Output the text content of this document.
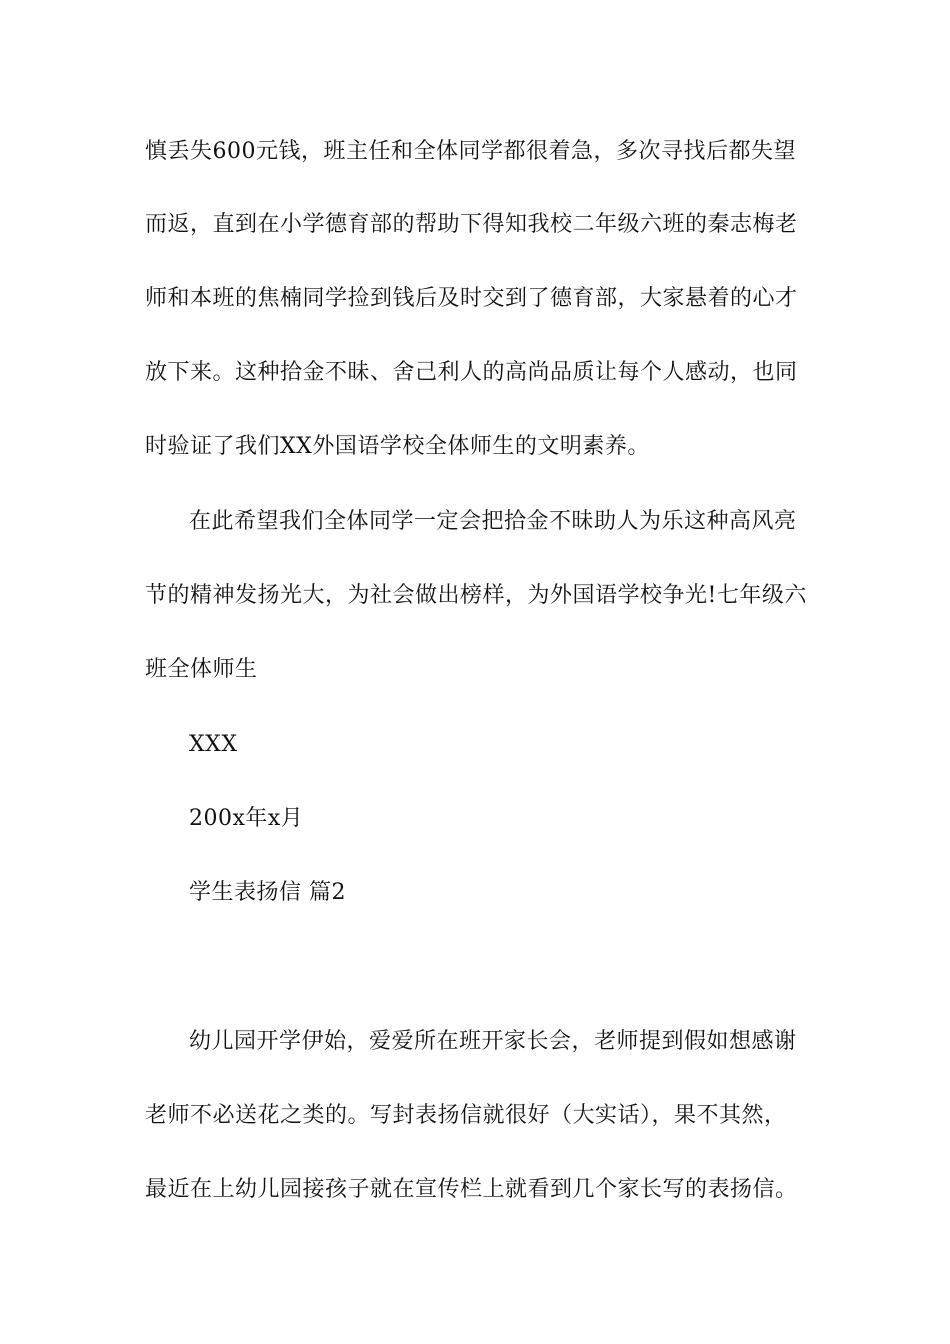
慎丢失600元钱，班主任和全体同学都很着急，多次寻找后都失望
而返，直到在小学德育部的帮助下得知我校二年级六班的秦志梅老
师和本班的焦楠同学捡到钱后及时交到了德育部，大家悬着的心才
放下来。这种拾金不昧、舍己利人的高尚品质让每个人感动，也同
时验证了我们XX外国语学校全体师生的文明素养。
在此希望我们全体同学一定会把拾金不昧助人为乐这种高风亮
节的精神发扬光大，为社会做出榜样，为外国语学校争光!七年级六
班全体师生
XXX
200x年x月
学生表扬信 篇2
幼儿园开学伊始，爱爱所在班开家长会，老师提到假如想感谢
老师不必送花之类的。写封表扬信就很好（大实话），果不其然，
最近在上幼儿园接孩子就在宣传栏上就看到几个家长写的表扬信。
